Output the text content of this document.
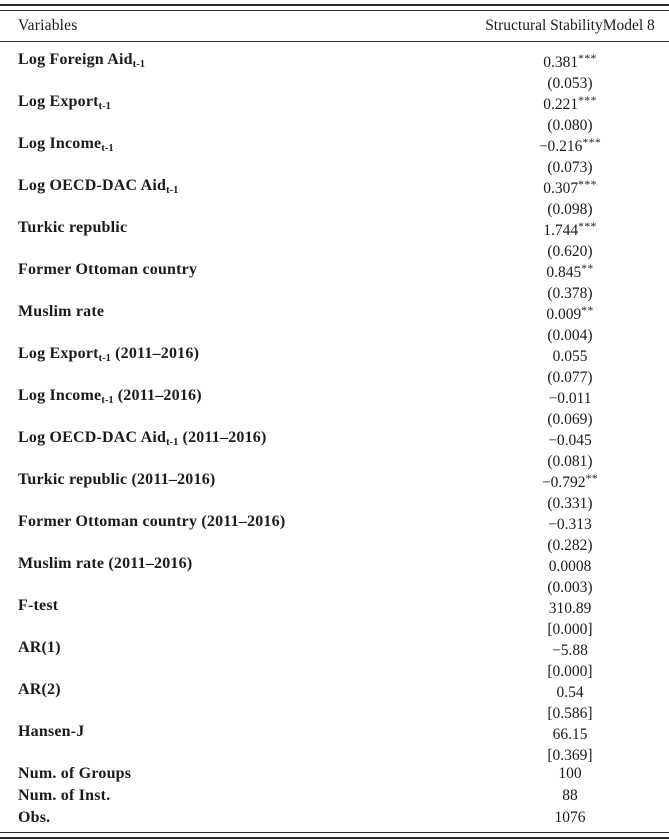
Variables	Structural StabilityModel 8
Log Foreign Aid$_{t-1}$	0.381***
(0.053)
Log Export$_{t-1}$	0.221***
(0.080)
Log Income$_{t-1}$	−0.216***
(0.073)
Log OECD-DAC Aid$_{t-1}$	0.307***
(0.098)
Turkic republic	1.744***
(0.620)
Former Ottoman country	0.845**
(0.378)
Muslim rate	0.009**
(0.004)
Log Export$_{t-1}$ (2011–2016)	0.055
(0.077)
Log Income$_{t-1}$ (2011–2016)	−0.011
(0.069)
Log OECD-DAC Aid$_{t-1}$ (2011–2016)	−0.045
(0.081)
Turkic republic (2011–2016)	−0.792**
(0.331)
Former Ottoman country (2011–2016)	−0.313
(0.282)
Muslim rate (2011–2016)	0.0008
(0.003)
F-test	310.89
[0.000]
AR(1)	−5.88
[0.000]
AR(2)	0.54
[0.586]
Hansen-J	66.15
[0.369]
Num. of Groups	100
Num. of Inst.	88
Obs.	1076
